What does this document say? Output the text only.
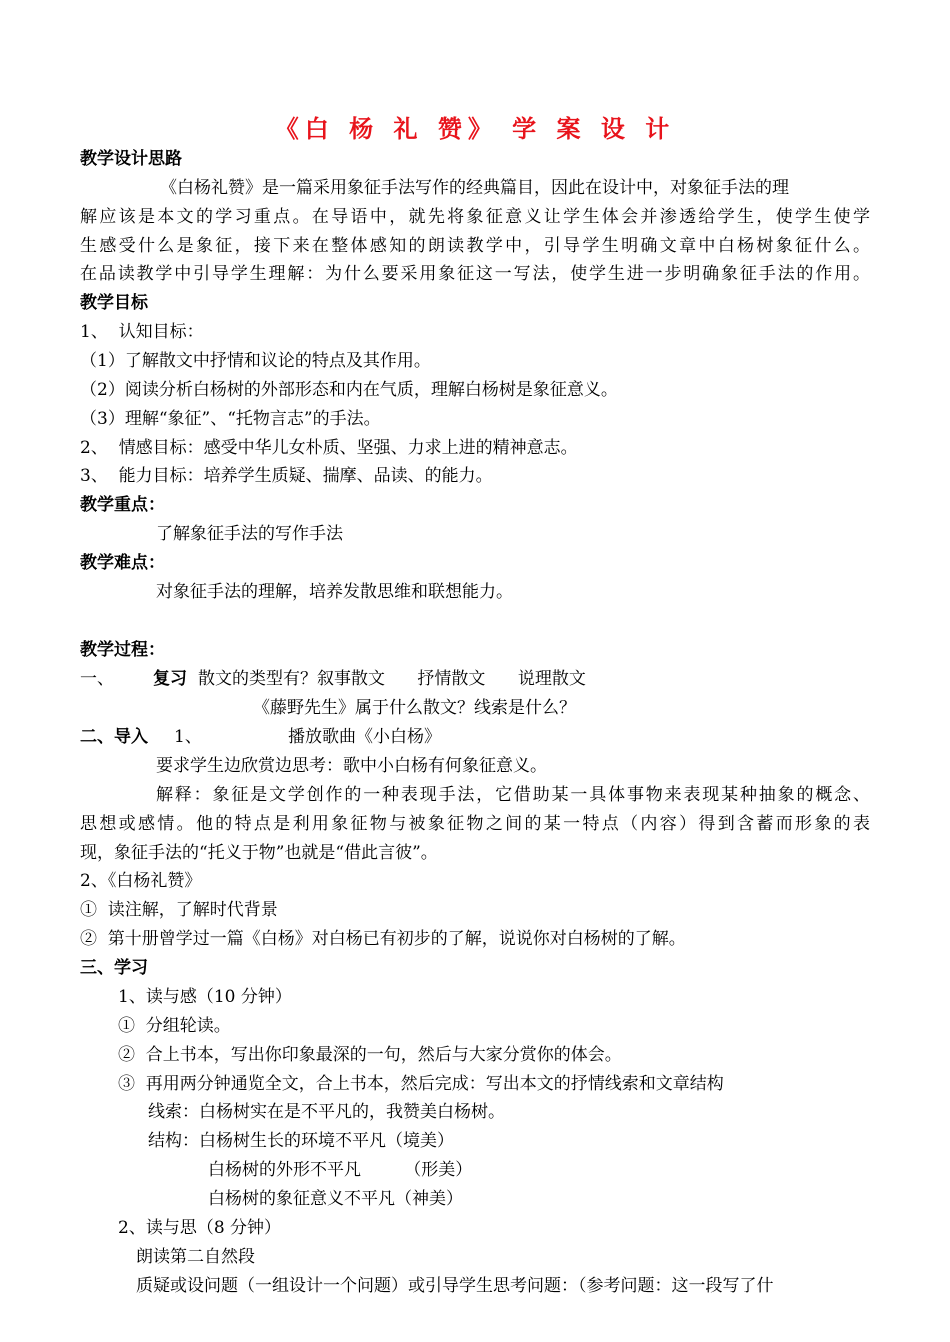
《白 杨 礼 赞》 学 案 设 计

教学设计思路

《白杨礼赞》是一篇采用象征手法写作的经典篇目，因此在设计中，对象征手法的理

解应该是本文的学习重点。在导语中，就先将象征意义让学生体会并渗透给学生，使学生使学

生感受什么是象征，接下来在整体感知的朗读教学中，引导学生明确文章中白杨树象征什么。

在品读教学中引导学生理解：为什么要采用象征这一写法，使学生进一步明确象征手法的作用。

教学目标

1、  认知目标：

（1）了解散文中抒情和议论的特点及其作用。

（2）阅读分析白杨树的外部形态和内在气质，理解白杨树是象征意义。

（3）理解“象征”、“托物言志”的手法。

2、  情感目标：感受中华儿女朴质、坚强、力求上进的精神意志。

3、  能力目标：培养学生质疑、揣摩、品读、的能力。

教学重点：

了解象征手法的写作手法

教学难点：

对象征手法的理解，培养发散思维和联想能力。

教学过程：

一、 复习 散文的类型有？叙事散文      抒情散文      说理散文

《藤野先生》属于什么散文？线索是什么？

二、导入 1、	播放歌曲《小白杨》

要求学生边欣赏边思考：歌中小白杨有何象征意义。

解释：象征是文学创作的一种表现手法，它借助某一具体事物来表现某种抽象的概念、

思想或感情。他的特点是利用象征物与被象征物之间的某一特点（内容）得到含蓄而形象的表

现，象征手法的“托义于物”也就是“借此言彼”。

2、《白杨礼赞》

①  读注解，了解时代背景

②  第十册曾学过一篇《白杨》对白杨已有初步的了解，说说你对白杨树的了解。

三、学习

1、读与感（10 分钟）

①  分组轮读。

②  合上书本，写出你印象最深的一句，然后与大家分赏你的体会。

③  再用两分钟通览全文，合上书本，然后完成：写出本文的抒情线索和文章结构

线索：白杨树实在是不平凡的，我赞美白杨树。

结构：白杨树生长的环境不平凡（境美）

白杨树的外形不平凡        （形美）

白杨树的象征意义不平凡（神美）

2、读与思（8 分钟）

朗读第二自然段

质疑或设问题（一组设计一个问题）或引导学生思考问题：（参考问题：这一段写了什
